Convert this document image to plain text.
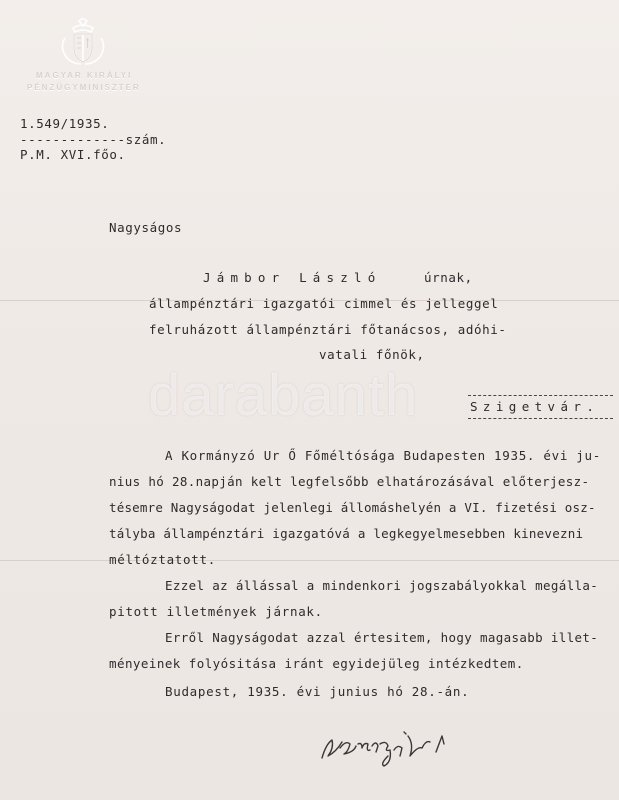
MAGYAR KIRÁLYI
PÉNZÜGYMINISZTER
1.549/1935.
-------------szám.
P.M. XVI.főo.
Nagyságos
Jámbor László	úrnak,
állampénztári igazgatói cimmel és jelleggel
felruházott állampénztári főtanácsos, adóhi-
vatali főnök,
Szigetvár.
darabanth
A Kormányzó Ur Ő Főméltósága Budapesten 1935. évi ju-
nius hó 28.napján kelt legfelsőbb elhatározásával előterjesz-
tésemre Nagyságodat jelenlegi állomáshelyén a VI. fizetési osz-
tályba állampénztári igazgatóvá a legkegyelmesebben kinevezni
méltóztatott.
Ezzel az állással a mindenkori jogszabályokkal megálla-
pitott illetmények járnak.
Erről Nagyságodat azzal értesitem, hogy magasabb illet-
ményeinek folyósitása iránt egyidejüleg intézkedtem.
Budapest, 1935. évi junius hó 28.-án.
